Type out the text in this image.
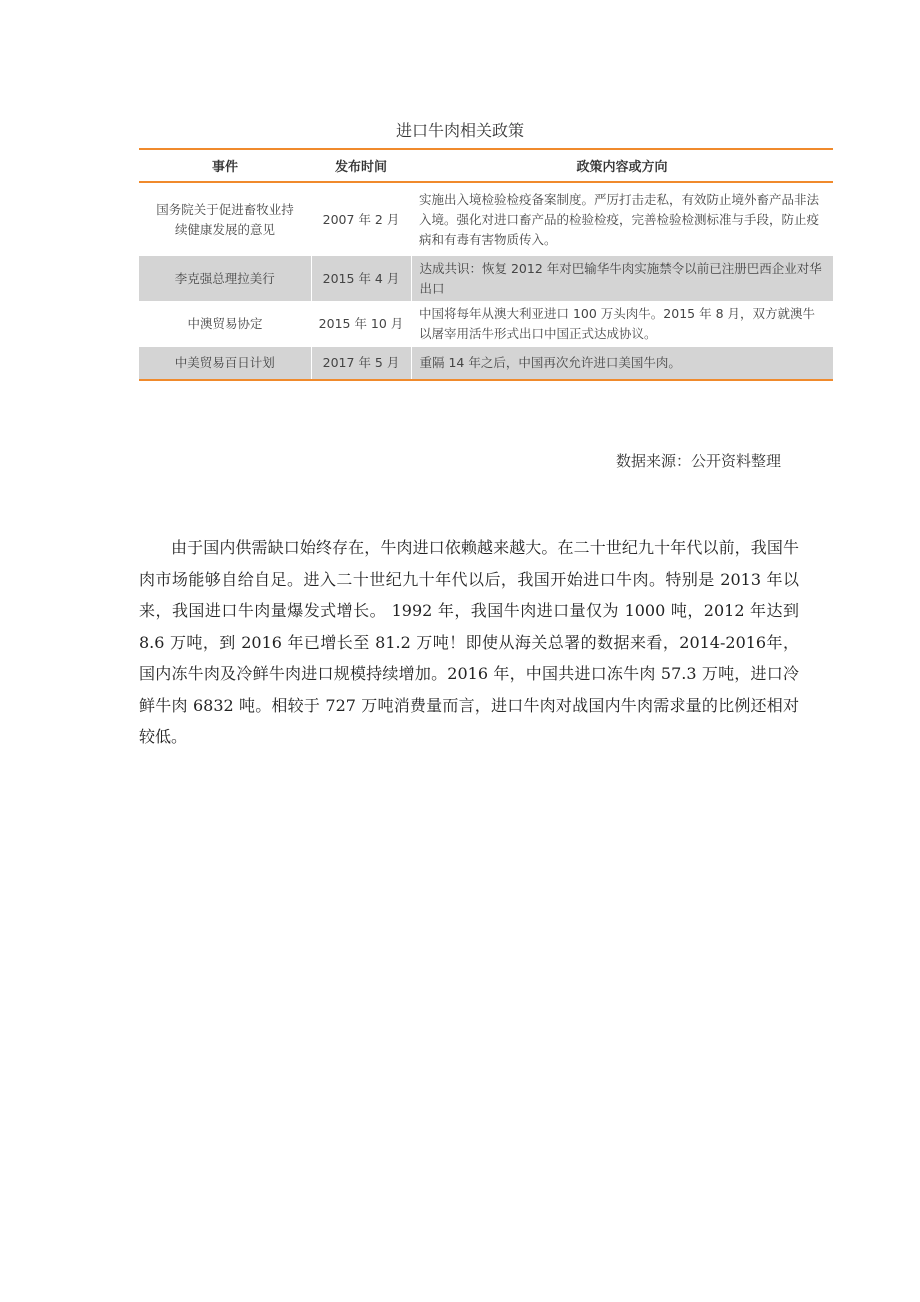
进口牛肉相关政策
事件	发布时间	政策内容或方向
国务院关于促进畜牧业持续健康发展的意见	2007 年 2 月	实施出入境检验检疫备案制度。严厉打击走私，有效防止境外畜产品非法入境。强化对进口畜产品的检验检疫，完善检验检测标准与手段，防止疫病和有毒有害物质传入。
李克强总理拉美行	2015 年 4 月	达成共识：恢复 2012 年对巴输华牛肉实施禁令以前已注册巴西企业对华出口
中澳贸易协定	2015 年 10 月	中国将每年从澳大利亚进口 100 万头肉牛。2015 年 8 月，双方就澳牛以屠宰用活牛形式出口中国正式达成协议。
中美贸易百日计划	2017 年 5 月	重隔 14 年之后，中国再次允许进口美国牛肉。
数据来源：公开资料整理
由于国内供需缺口始终存在，牛肉进口依赖越来越大。在二十世纪九十年代以前，我国牛肉市场能够自给自足。进入二十世纪九十年代以后，我国开始进口牛肉。特别是 2013 年以来，我国进口牛肉量爆发式增长。 1992 年，我国牛肉进口量仅为 1000 吨，2012 年达到 8.6 万吨，到 2016 年已增长至 81.2 万吨！即使从海关总署的数据来看，2014-2016年，国内冻牛肉及冷鲜牛肉进口规模持续增加。2016 年，中国共进口冻牛肉 57.3 万吨，进口冷鲜牛肉 6832 吨。相较于 727 万吨消费量而言，进口牛肉对战国内牛肉需求量的比例还相对较低。
